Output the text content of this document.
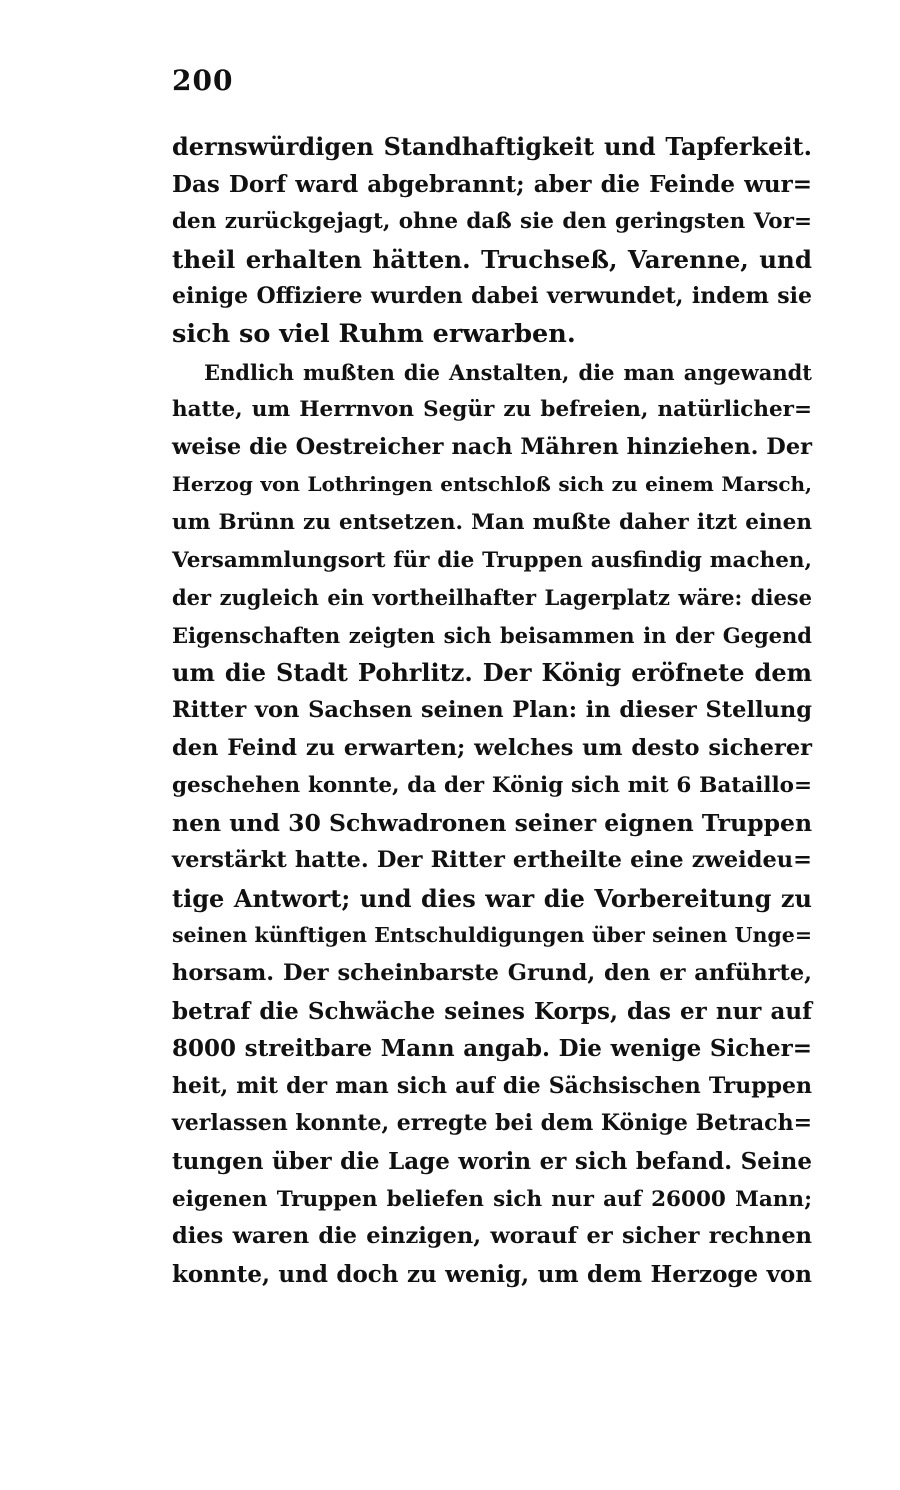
200
dernswürdigen Standhaftigkeit und Tapferkeit.
Das Dorf ward abgebrannt; aber die Feinde wur=
den zurückgejagt, ohne daß sie den geringsten Vor=
theil erhalten hätten. Truchseß, Varenne, und
einige Offiziere wurden dabei verwundet, indem sie
sich so viel Ruhm erwarben.
Endlich mußten die Anstalten, die man angewandt
hatte, um Herrnvon Segür zu befreien, natürlicher=
weise die Oestreicher nach Mähren hinziehen. Der
Herzog von Lothringen entschloß sich zu einem Marsch,
um Brünn zu entsetzen. Man mußte daher itzt einen
Versammlungsort für die Truppen ausfindig machen,
der zugleich ein vortheilhafter Lagerplatz wäre: diese
Eigenschaften zeigten sich beisammen in der Gegend
um die Stadt Pohrlitz. Der König eröfnete dem
Ritter von Sachsen seinen Plan: in dieser Stellung
den Feind zu erwarten; welches um desto sicherer
geschehen konnte, da der König sich mit 6 Bataillo=
nen und 30 Schwadronen seiner eignen Truppen
verstärkt hatte. Der Ritter ertheilte eine zweideu=
tige Antwort; und dies war die Vorbereitung zu
seinen künftigen Entschuldigungen über seinen Unge=
horsam. Der scheinbarste Grund, den er anführte,
betraf die Schwäche seines Korps, das er nur auf
8000 streitbare Mann angab. Die wenige Sicher=
heit, mit der man sich auf die Sächsischen Truppen
verlassen konnte, erregte bei dem Könige Betrach=
tungen über die Lage worin er sich befand. Seine
eigenen Truppen beliefen sich nur auf 26000 Mann;
dies waren die einzigen, worauf er sicher rechnen
konnte, und doch zu wenig, um dem Herzoge von
